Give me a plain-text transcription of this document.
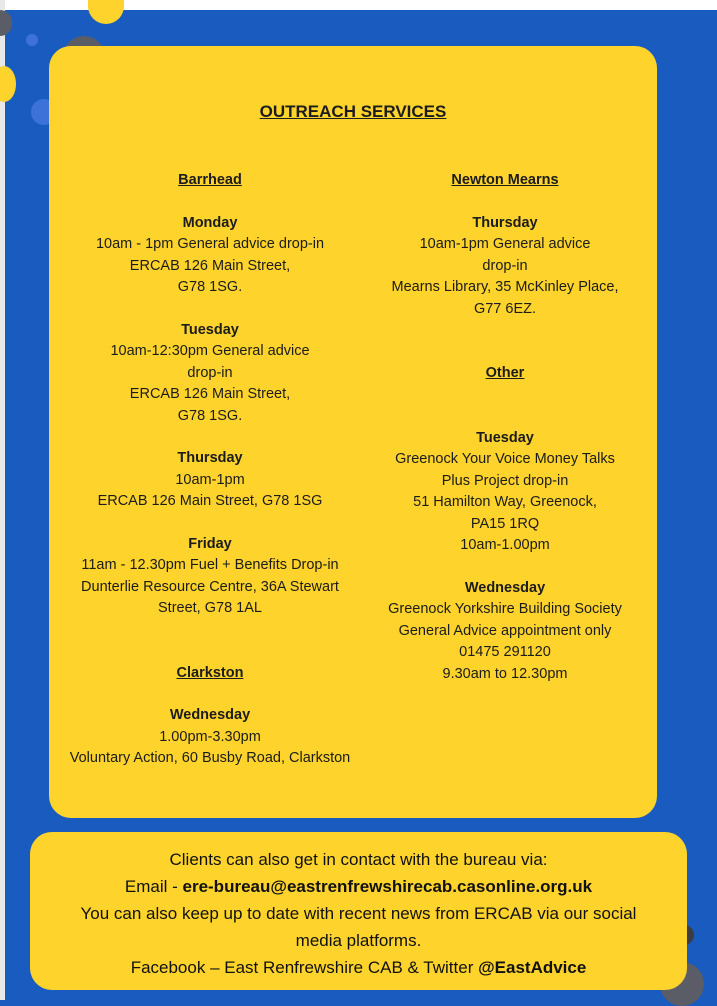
OUTREACH SERVICES
Barrhead
Monday
10am - 1pm General advice drop-in
ERCAB 126 Main Street,
G78 1SG.
Tuesday
10am-12:30pm General advice
drop-in
ERCAB 126 Main Street,
G78 1SG.
Thursday
10am-1pm
ERCAB 126 Main Street, G78 1SG
Friday
11am - 12.30pm Fuel + Benefits Drop-in
Dunterlie Resource Centre, 36A Stewart
Street, G78 1AL
Clarkston
Wednesday
1.00pm-3.30pm
Voluntary Action, 60 Busby Road, Clarkston
Newton Mearns
Thursday
10am-1pm General advice
drop-in
Mearns Library, 35 McKinley Place,
G77 6EZ.
Other
Tuesday
Greenock Your Voice Money Talks
Plus Project drop-in
51 Hamilton Way, Greenock,
PA15 1RQ
10am-1.00pm
Wednesday
Greenock Yorkshire Building Society
General Advice appointment only
01475 291120
9.30am to 12.30pm
Clients can also get in contact with the bureau via:
Email - ere-bureau@eastrenfrewshirecab.casonline.org.uk
You can also keep up to date with recent news from ERCAB via our social
media platforms.
Facebook – East Renfrewshire CAB & Twitter @EastAdvice
